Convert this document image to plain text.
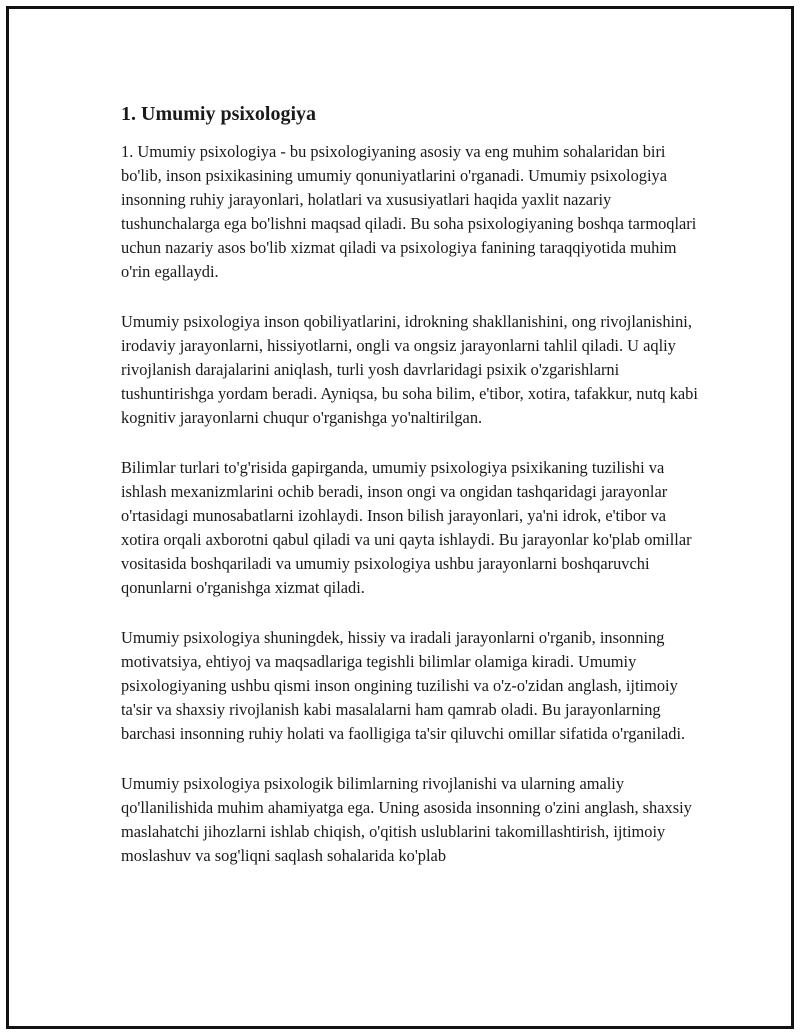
1. Umumiy psixologiya

1. Umumiy psixologiya - bu psixologiyaning asosiy va eng muhim sohalaridan biri bo'lib, inson psixikasining umumiy qonuniyatlarini o'rganadi. Umumiy psixologiya insonning ruhiy jarayonlari, holatlari va xususiyatlari haqida yaxlit nazariy tushunchalarga ega bo'lishni maqsad qiladi. Bu soha psixologiyaning boshqa tarmoqlari uchun nazariy asos bo'lib xizmat qiladi va psixologiya fanining taraqqiyotida muhim o'rin egallaydi.

Umumiy psixologiya inson qobiliyatlarini, idrokning shakllanishini, ong rivojlanishini, irodaviy jarayonlarni, hissiyotlarni, ongli va ongsiz jarayonlarni tahlil qiladi. U aqliy rivojlanish darajalarini aniqlash, turli yosh davrlaridagi psixik o'zgarishlarni tushuntirishga yordam beradi. Ayniqsa, bu soha bilim, e'tibor, xotira, tafakkur, nutq kabi kognitiv jarayonlarni chuqur o'rganishga yo'naltirilgan.

Bilimlar turlari to'g'risida gapirganda, umumiy psixologiya psixikaning tuzilishi va ishlash mexanizmlarini ochib beradi, inson ongi va ongidan tashqaridagi jarayonlar o'rtasidagi munosabatlarni izohlaydi. Inson bilish jarayonlari, ya'ni idrok, e'tibor va xotira orqali axborotni qabul qiladi va uni qayta ishlaydi. Bu jarayonlar ko'plab omillar vositasida boshqariladi va umumiy psixologiya ushbu jarayonlarni boshqaruvchi qonunlarni o'rganishga xizmat qiladi.

Umumiy psixologiya shuningdek, hissiy va iradali jarayonlarni o'rganib, insonning motivatsiya, ehtiyoj va maqsadlariga tegishli bilimlar olamiga kiradi. Umumiy psixologiyaning ushbu qismi inson ongining tuzilishi va o'z-o'zidan anglash, ijtimoiy ta'sir va shaxsiy rivojlanish kabi masalalarni ham qamrab oladi. Bu jarayonlarning barchasi insonning ruhiy holati va faolligiga ta'sir qiluvchi omillar sifatida o'rganiladi.

Umumiy psixologiya psixologik bilimlarning rivojlanishi va ularning amaliy qo'llanilishida muhim ahamiyatga ega. Uning asosida insonning o'zini anglash, shaxsiy maslahatchi jihozlarni ishlab chiqish, o'qitish uslublarini takomillashtirish, ijtimoiy moslashuv va sog'liqni saqlash sohalarida ko'plab
